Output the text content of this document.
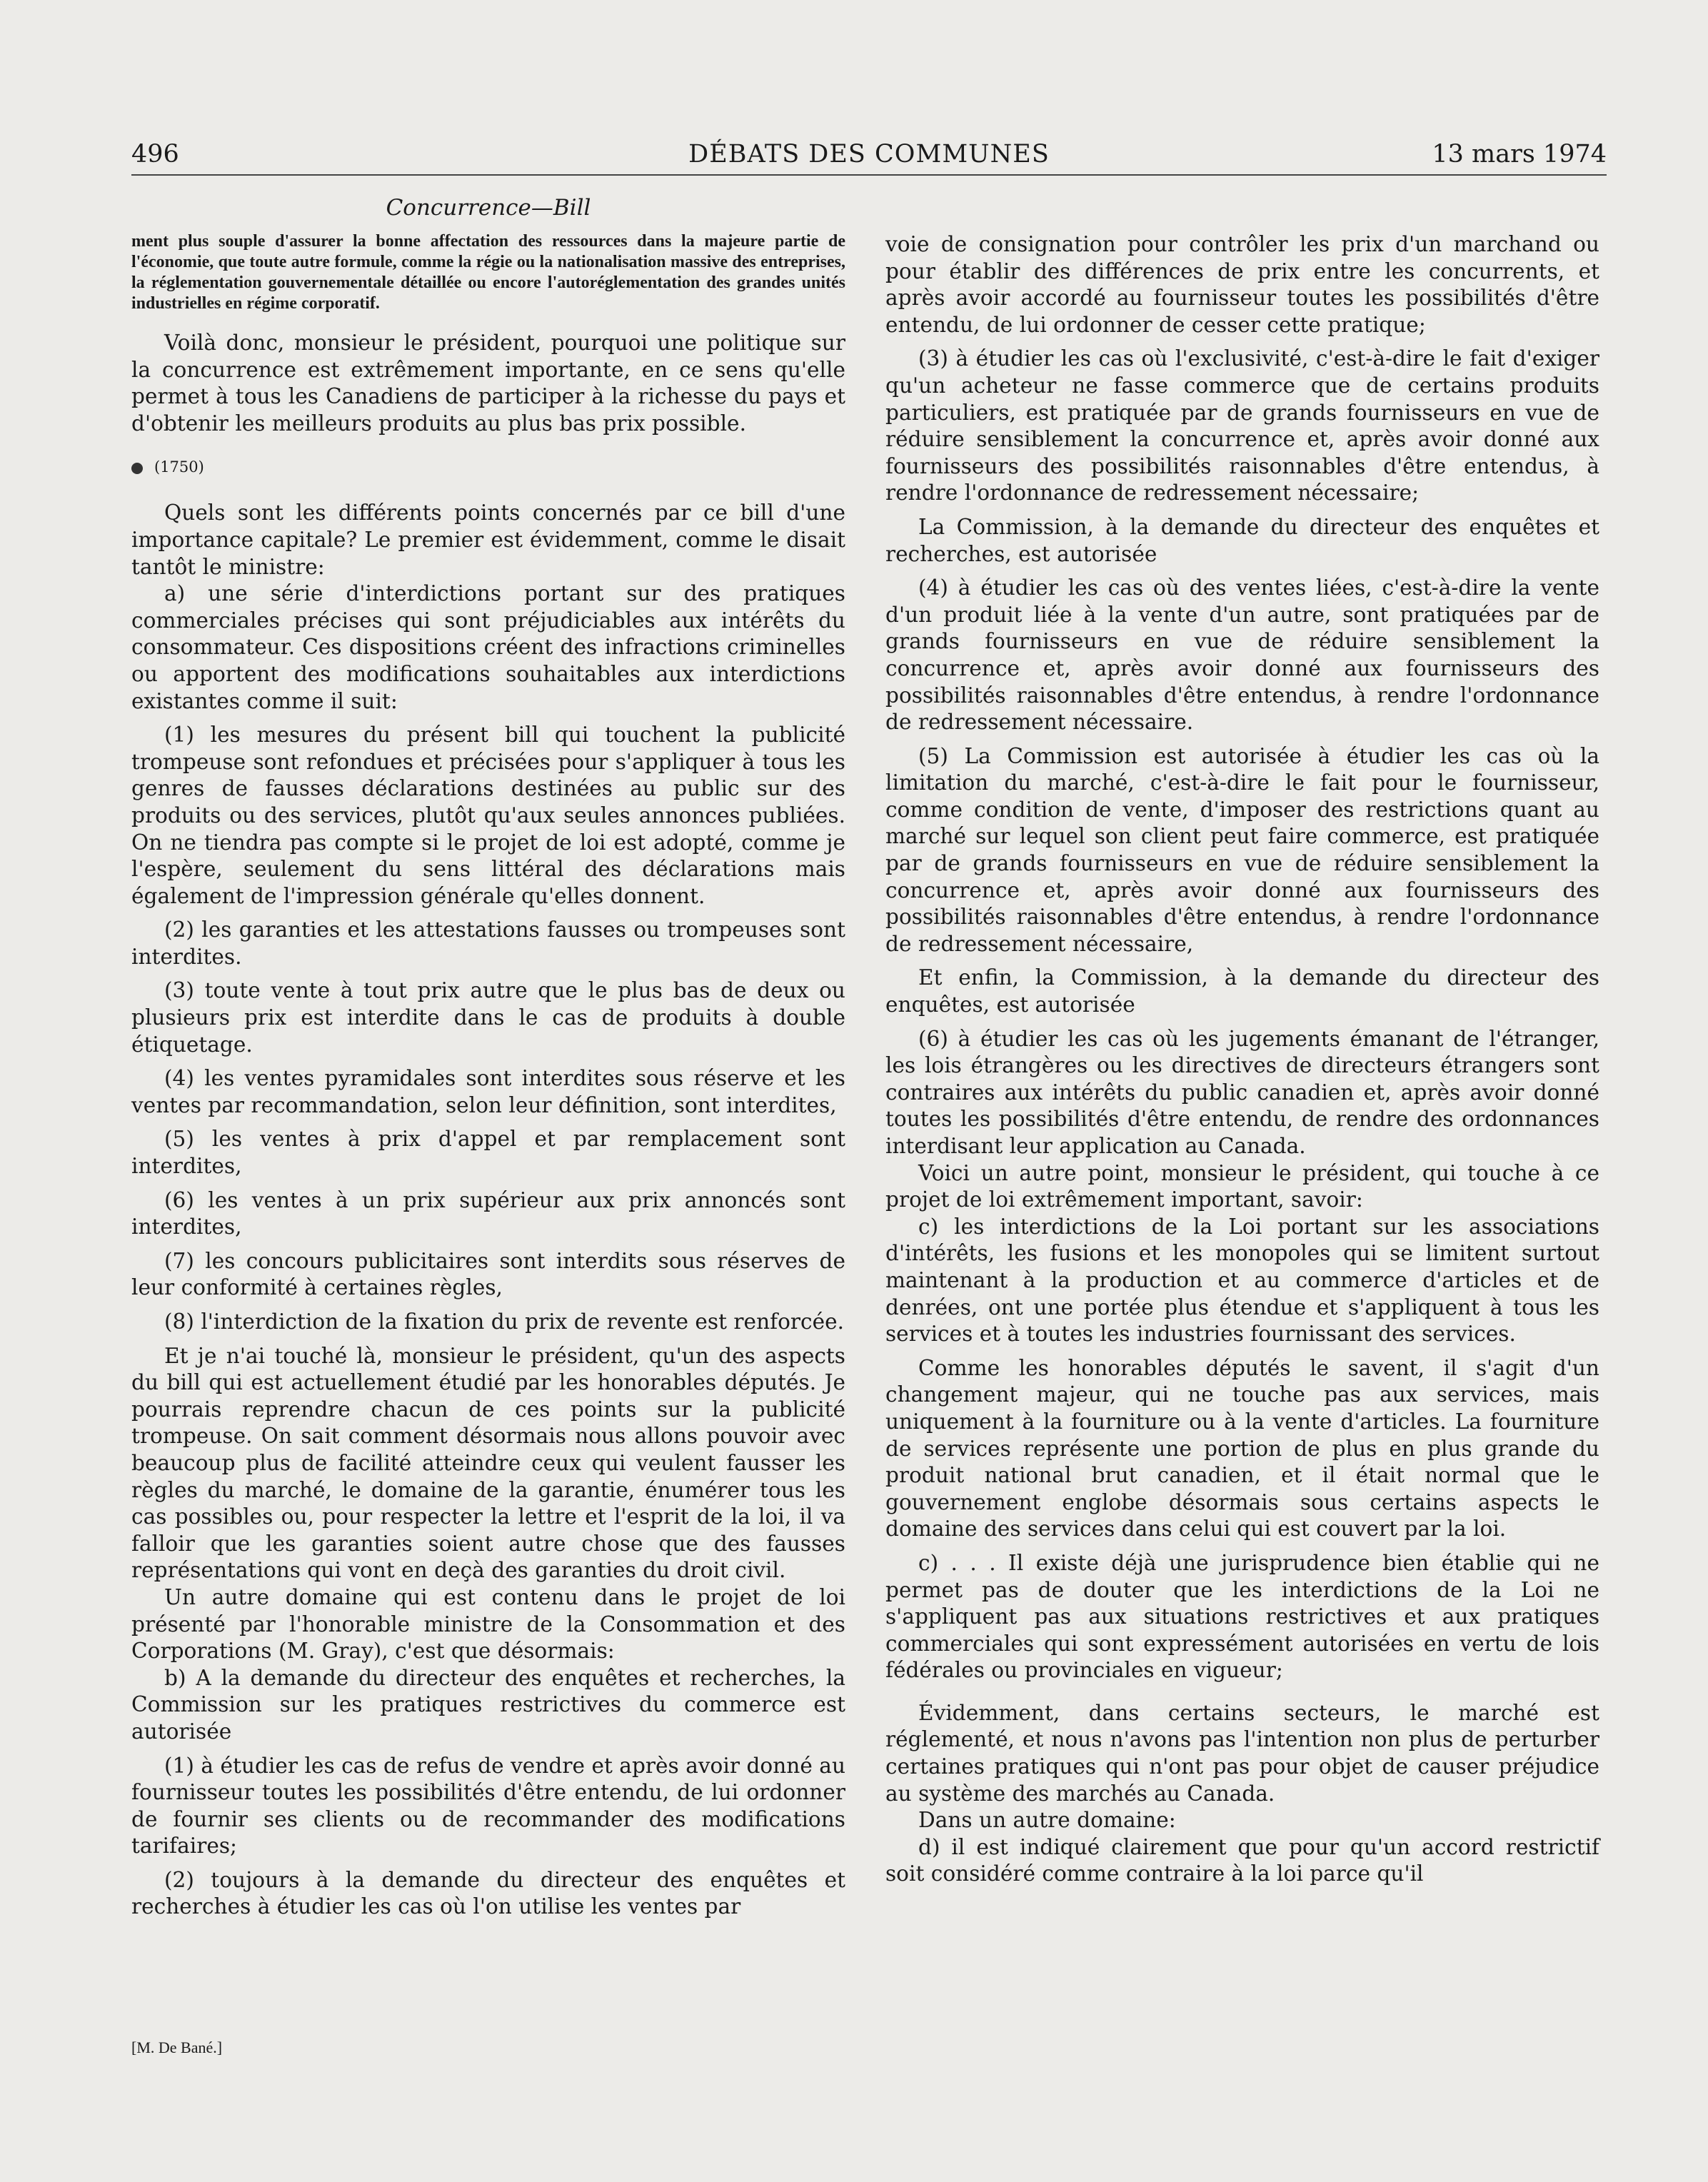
496	DÉBATS DES COMMUNES	13 mars 1974
Concurrence—Bill

ment plus souple d'assurer la bonne affectation des ressources dans la majeure partie de l'économie, que toute autre formule, comme la régie ou la nationalisation massive des entreprises, la réglementation gouvernementale détaillée ou encore l'autoréglementation des grandes unités industrielles en régime corporatif.

Voilà donc, monsieur le président, pourquoi une politique sur la concurrence est extrêmement importante, en ce sens qu'elle permet à tous les Canadiens de participer à la richesse du pays et d'obtenir les meilleurs produits au plus bas prix possible.

(1750)

Quels sont les différents points concernés par ce bill d'une importance capitale? Le premier est évidemment, comme le disait tantôt le ministre:

a) une série d'interdictions portant sur des pratiques commerciales précises qui sont préjudiciables aux intérêts du consommateur. Ces dispositions créent des infractions criminelles ou apportent des modifications souhaitables aux interdictions existantes comme il suit:

(1) les mesures du présent bill qui touchent la publicité trompeuse sont refondues et précisées pour s'appliquer à tous les genres de fausses déclarations destinées au public sur des produits ou des services, plutôt qu'aux seules annonces publiées. On ne tiendra pas compte si le projet de loi est adopté, comme je l'espère, seulement du sens littéral des déclarations mais également de l'impression générale qu'elles donnent.

(2) les garanties et les attestations fausses ou trompeuses sont interdites.

(3) toute vente à tout prix autre que le plus bas de deux ou plusieurs prix est interdite dans le cas de produits à double étiquetage.

(4) les ventes pyramidales sont interdites sous réserve et les ventes par recommandation, selon leur définition, sont interdites,

(5) les ventes à prix d'appel et par remplacement sont interdites,

(6) les ventes à un prix supérieur aux prix annoncés sont interdites,

(7) les concours publicitaires sont interdits sous réserves de leur conformité à certaines règles,

(8) l'interdiction de la fixation du prix de revente est renforcée.

Et je n'ai touché là, monsieur le président, qu'un des aspects du bill qui est actuellement étudié par les honorables députés. Je pourrais reprendre chacun de ces points sur la publicité trompeuse. On sait comment désormais nous allons pouvoir avec beaucoup plus de facilité atteindre ceux qui veulent fausser les règles du marché, le domaine de la garantie, énumérer tous les cas possibles ou, pour respecter la lettre et l'esprit de la loi, il va falloir que les garanties soient autre chose que des fausses représentations qui vont en deçà des garanties du droit civil.

Un autre domaine qui est contenu dans le projet de loi présenté par l'honorable ministre de la Consommation et des Corporations (M. Gray), c'est que désormais:

b) A la demande du directeur des enquêtes et recherches, la Commission sur les pratiques restrictives du commerce est autorisée

(1) à étudier les cas de refus de vendre et après avoir donné au fournisseur toutes les possibilités d'être entendu, de lui ordonner de fournir ses clients ou de recommander des modifications tarifaires;

(2) toujours à la demande du directeur des enquêtes et recherches à étudier les cas où l'on utilise les ventes par

voie de consignation pour contrôler les prix d'un marchand ou pour établir des différences de prix entre les concurrents, et après avoir accordé au fournisseur toutes les possibilités d'être entendu, de lui ordonner de cesser cette pratique;

(3) à étudier les cas où l'exclusivité, c'est-à-dire le fait d'exiger qu'un acheteur ne fasse commerce que de certains produits particuliers, est pratiquée par de grands fournisseurs en vue de réduire sensiblement la concurrence et, après avoir donné aux fournisseurs des possibilités raisonnables d'être entendus, à rendre l'ordonnance de redressement nécessaire;

La Commission, à la demande du directeur des enquêtes et recherches, est autorisée

(4) à étudier les cas où des ventes liées, c'est-à-dire la vente d'un produit liée à la vente d'un autre, sont pratiquées par de grands fournisseurs en vue de réduire sensiblement la concurrence et, après avoir donné aux fournisseurs des possibilités raisonnables d'être entendus, à rendre l'ordonnance de redressement nécessaire.

(5) La Commission est autorisée à étudier les cas où la limitation du marché, c'est-à-dire le fait pour le fournisseur, comme condition de vente, d'imposer des restrictions quant au marché sur lequel son client peut faire commerce, est pratiquée par de grands fournisseurs en vue de réduire sensiblement la concurrence et, après avoir donné aux fournisseurs des possibilités raisonnables d'être entendus, à rendre l'ordonnance de redressement nécessaire,

Et enfin, la Commission, à la demande du directeur des enquêtes, est autorisée

(6) à étudier les cas où les jugements émanant de l'étranger, les lois étrangères ou les directives de directeurs étrangers sont contraires aux intérêts du public canadien et, après avoir donné toutes les possibilités d'être entendu, de rendre des ordonnances interdisant leur application au Canada.

Voici un autre point, monsieur le président, qui touche à ce projet de loi extrêmement important, savoir:

c) les interdictions de la Loi portant sur les associations d'intérêts, les fusions et les monopoles qui se limitent surtout maintenant à la production et au commerce d'articles et de denrées, ont une portée plus étendue et s'appliquent à tous les services et à toutes les industries fournissant des services.

Comme les honorables députés le savent, il s'agit d'un changement majeur, qui ne touche pas aux services, mais uniquement à la fourniture ou à la vente d'articles. La fourniture de services représente une portion de plus en plus grande du produit national brut canadien, et il était normal que le gouvernement englobe désormais sous certains aspects le domaine des services dans celui qui est couvert par la loi.

c) . . . Il existe déjà une jurisprudence bien établie qui ne permet pas de douter que les interdictions de la Loi ne s'appliquent pas aux situations restrictives et aux pratiques commerciales qui sont expressément autorisées en vertu de lois fédérales ou provinciales en vigueur;

Évidemment, dans certains secteurs, le marché est réglementé, et nous n'avons pas l'intention non plus de perturber certaines pratiques qui n'ont pas pour objet de causer préjudice au système des marchés au Canada.

Dans un autre domaine:

d) il est indiqué clairement que pour qu'un accord restrictif soit considéré comme contraire à la loi parce qu'il

[M. De Bané.]
